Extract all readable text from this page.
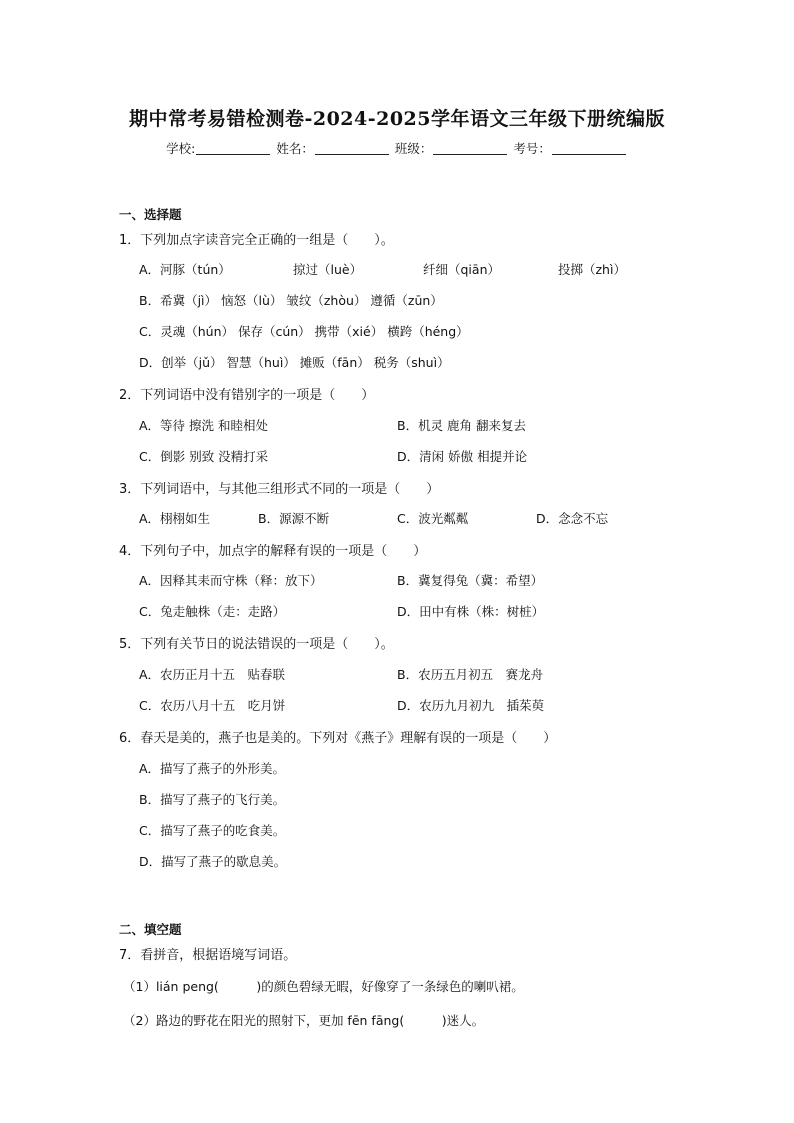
期中常考易错检测卷-2024-2025学年语文三年级下册统编版
学校:	姓名：	班级：	考号：
一、选择题
1．下列加点字读音完全正确的一组是（　　）。
A．河豚（tún）	掠过（luè）	纤细（qiān）	投掷（zhì）
B．希冀（jì） 恼怒（lù） 皱纹（zhòu） 遵循（zūn）
C．灵魂（hún） 保存（cún） 携带（xié） 横跨（héng）
D．创举（jǔ） 智慧（huì） 摊贩（fān） 税务（shuì）
2．下列词语中没有错别字的一项是（　　）
A．等待 擦洗 和睦相处	B．机灵 鹿角 翻来复去
C．倒影 别致 没精打采	D．清闲 娇傲 相提并论
3．下列词语中，与其他三组形式不同的一项是（　　）
A．栩栩如生	B．源源不断	C．波光粼粼	D．念念不忘
4．下列句子中，加点字的解释有误的一项是（　　）
A．因释其耒而守株（释：放下）	B．冀复得兔（冀：希望）
C．兔走触株（走：走路）	D．田中有株（株：树桩）
5．下列有关节日的说法错误的一项是（　　）。
A．农历正月十五　贴春联	B．农历五月初五　赛龙舟
C．农历八月十五　吃月饼	D．农历九月初九　插茱萸
6．春天是美的，燕子也是美的。下列对《燕子》理解有误的一项是（　　）
A．描写了燕子的外形美。
B．描写了燕子的飞行美。
C．描写了燕子的吃食美。
D．描写了燕子的歇息美。
二、填空题
7．看拼音，根据语境写词语。
（1）lián peng(　　　)的颜色碧绿无暇，好像穿了一条绿色的喇叭裙。
（2）路边的野花在阳光的照射下，更加 fēn fāng(　　　)迷人。
